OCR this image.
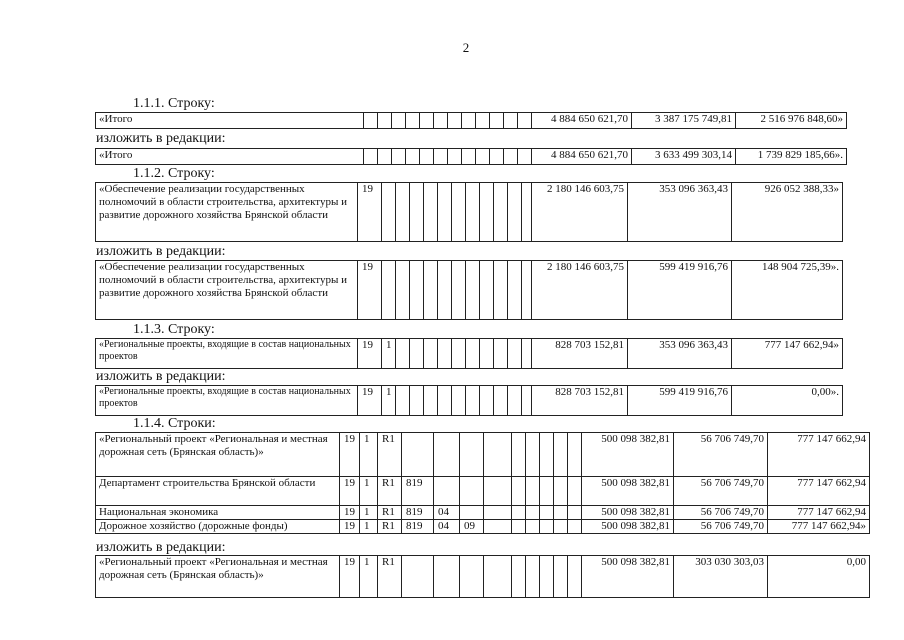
2
1.1.1. Строку:
«Итого													4 884 650 621,70	3 387 175 749,81	2 516 976 848,60»
изложить в редакции:
«Итого													4 884 650 621,70	3 633 499 303,14	1 739 829 185,66».
1.1.2. Строку:
«Обеспечение реализации государственных полномочий в области строительства, архитектуры и развитие дорожного хозяйства Брянской области	19												2 180 146 603,75	353 096 363,43	926 052 388,33»
изложить в редакции:
«Обеспечение реализации государственных полномочий в области строительства, архитектуры и развитие дорожного хозяйства Брянской области	19												2 180 146 603,75	599 419 916,76	148 904 725,39».
1.1.3. Строку:
«Региональные проекты, входящие в состав национальных проектов	19	1											828 703 152,81	353 096 363,43	777 147 662,94»
изложить в редакции:
«Региональные проекты, входящие в состав национальных проектов	19	1											828 703 152,81	599 419 916,76	0,00».
1.1.4. Строки:
«Региональный проект «Региональная и местная дорожная сеть (Брянская область)»	19	1	R1										500 098 382,81	56 706 749,70	777 147 662,94
Департамент строительства Брянской области	19	1	R1	819									500 098 382,81	56 706 749,70	777 147 662,94
Национальная экономика	19	1	R1	819	04								500 098 382,81	56 706 749,70	777 147 662,94
Дорожное хозяйство (дорожные фонды)	19	1	R1	819	04	09							500 098 382,81	56 706 749,70	777 147 662,94»
изложить в редакции:
«Региональный проект «Региональная и местная дорожная сеть (Брянская область)»	19	1	R1										500 098 382,81	303 030 303,03	0,00
